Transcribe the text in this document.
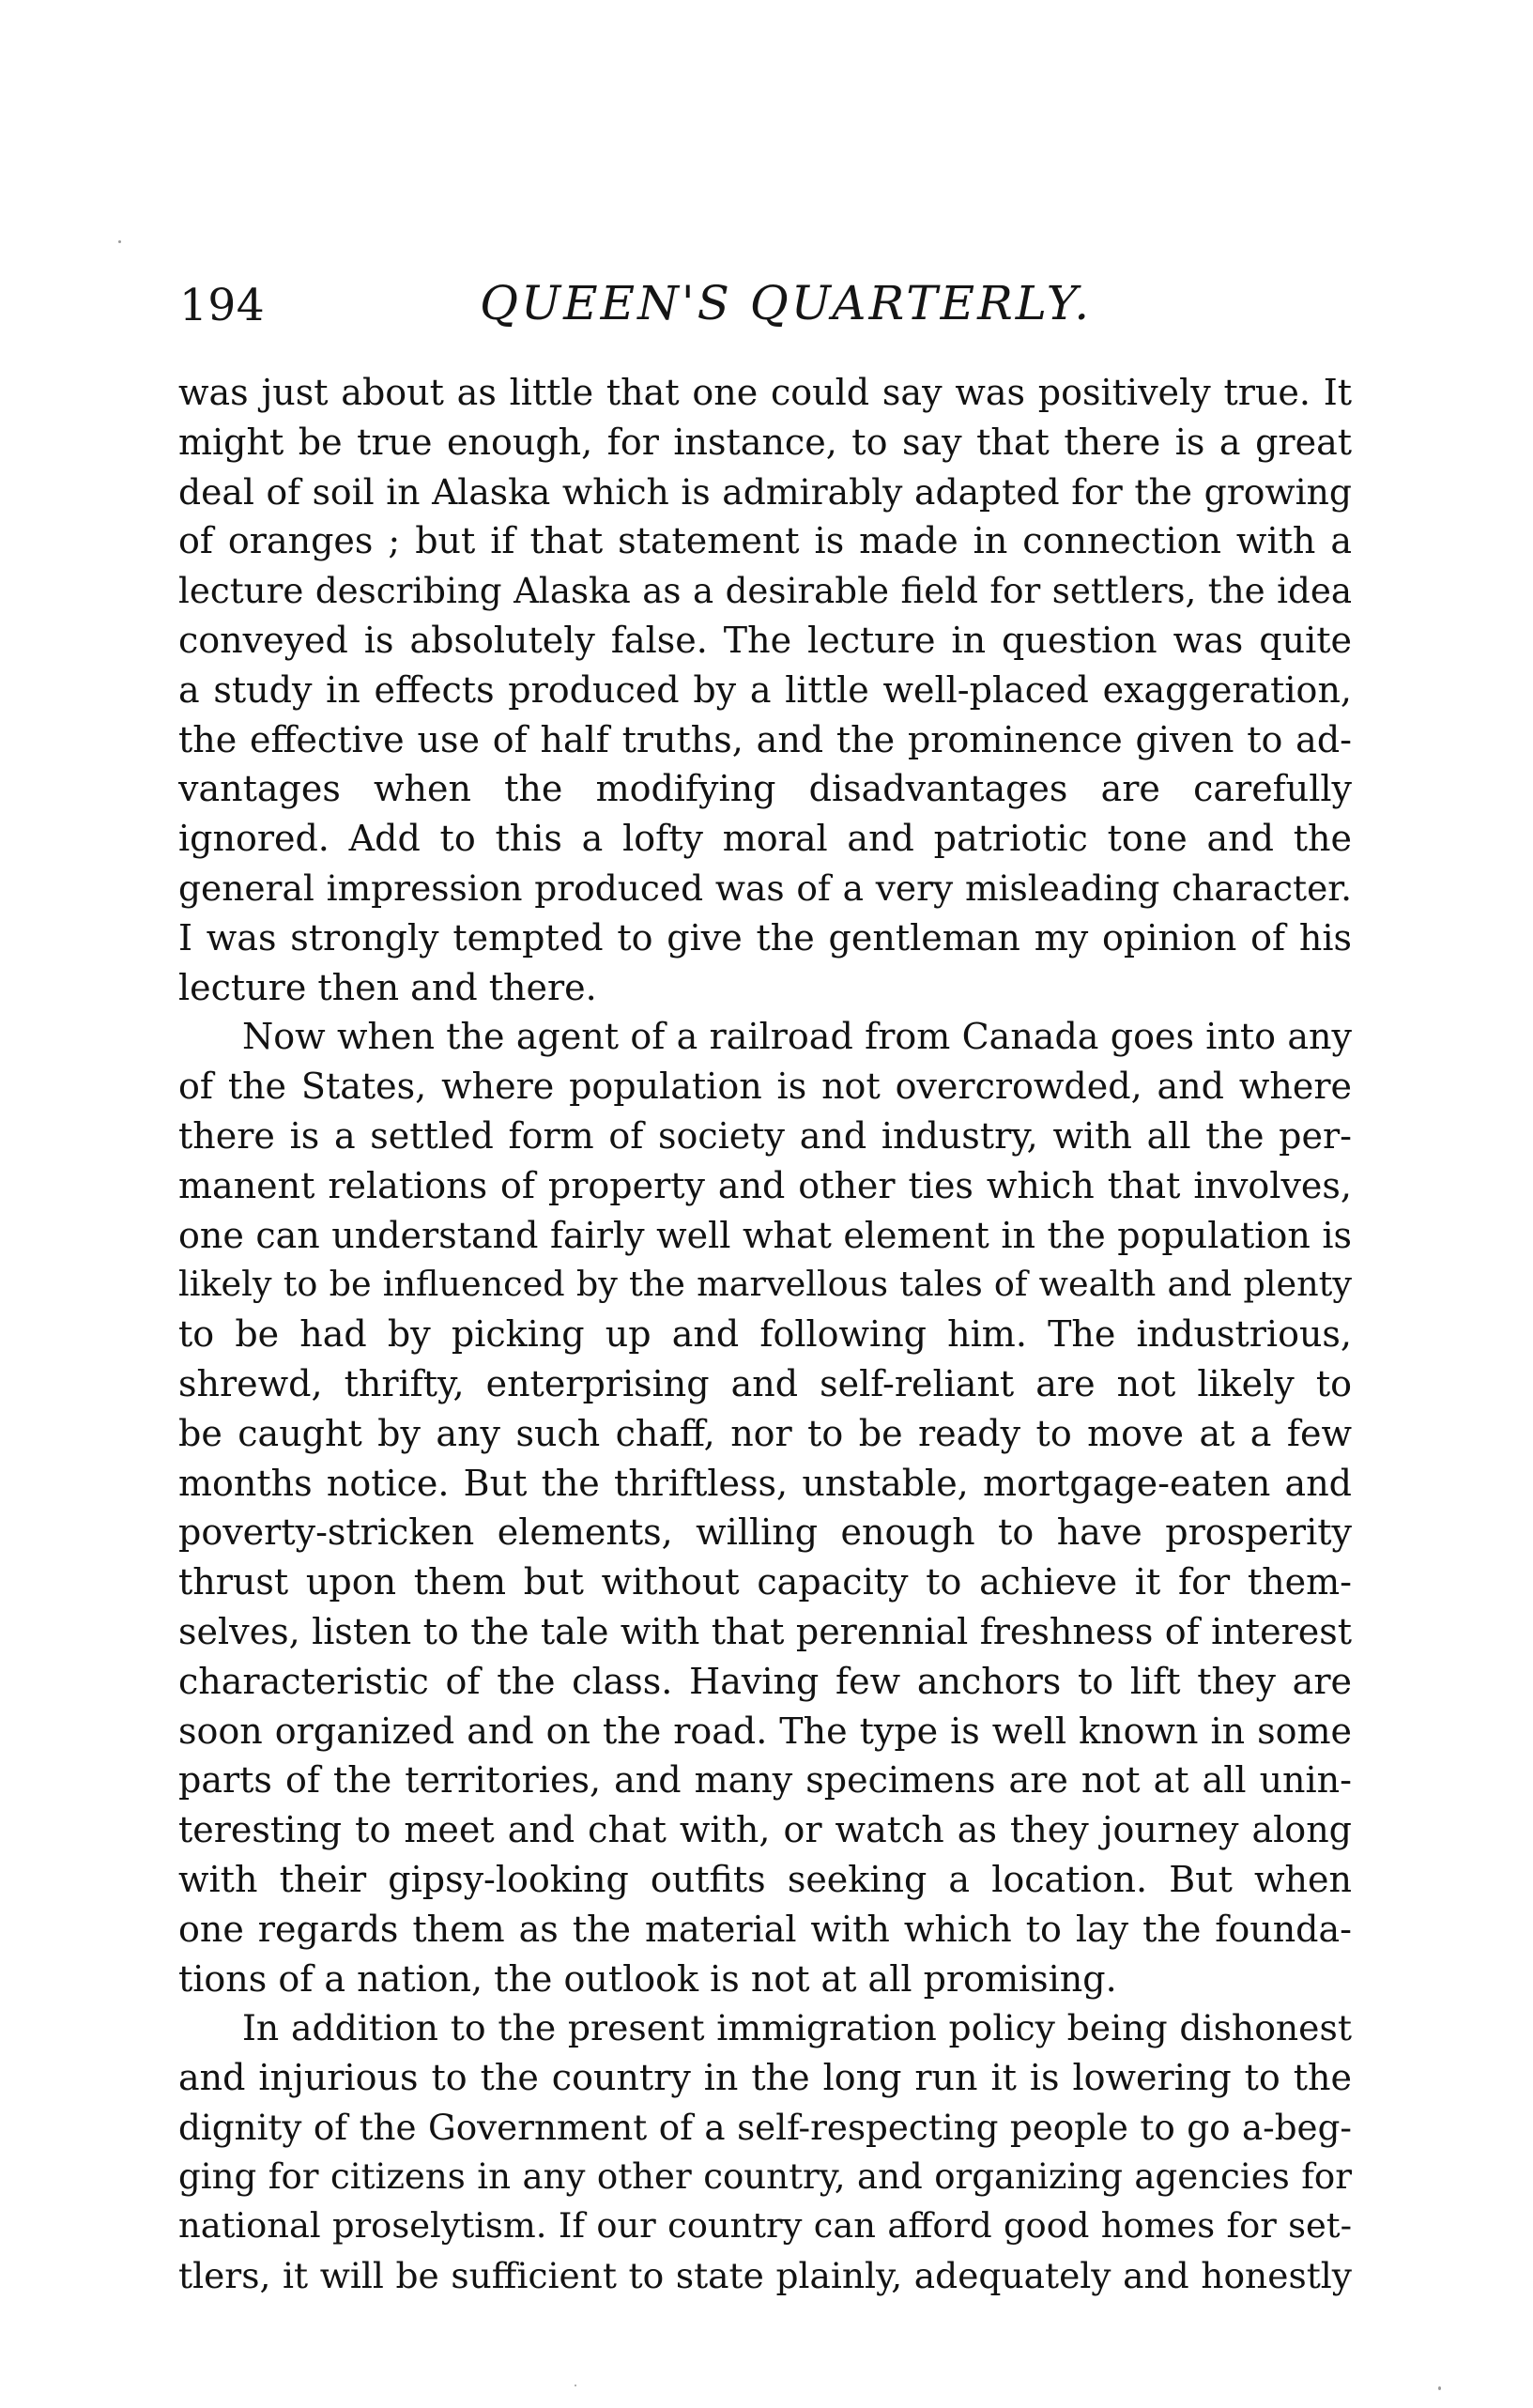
194	QUEEN'S QUARTERLY.
was just about as little that one could say was positively true. It
might be true enough, for instance, to say that there is a great
deal of soil in Alaska which is admirably adapted for the growing
of oranges ; but if that statement is made in connection with a
lecture describing Alaska as a desirable field for settlers, the idea
conveyed is absolutely false. The lecture in question was quite
a study in effects produced by a little well-placed exaggeration,
the effective use of half truths, and the prominence given to ad-
vantages when the modifying disadvantages are carefully
ignored. Add to this a lofty moral and patriotic tone and the
general impression produced was of a very misleading character.
I was strongly tempted to give the gentleman my opinion of his
lecture then and there.
Now when the agent of a railroad from Canada goes into any
of the States, where population is not overcrowded, and where
there is a settled form of society and industry, with all the per-
manent relations of property and other ties which that involves,
one can understand fairly well what element in the population is
likely to be influenced by the marvellous tales of wealth and plenty
to be had by picking up and following him. The industrious,
shrewd, thrifty, enterprising and self-reliant are not likely to
be caught by any such chaff, nor to be ready to move at a few
months notice. But the thriftless, unstable, mortgage-eaten and
poverty-stricken elements, willing enough to have prosperity
thrust upon them but without capacity to achieve it for them-
selves, listen to the tale with that perennial freshness of interest
characteristic of the class. Having few anchors to lift they are
soon organized and on the road. The type is well known in some
parts of the territories, and many specimens are not at all unin-
teresting to meet and chat with, or watch as they journey along
with their gipsy-looking outfits seeking a location. But when
one regards them as the material with which to lay the founda-
tions of a nation, the outlook is not at all promising.
In addition to the present immigration policy being dishonest
and injurious to the country in the long run it is lowering to the
dignity of the Government of a self-respecting people to go a-beg-
ging for citizens in any other country, and organizing agencies for
national proselytism. If our country can afford good homes for set-
tlers, it will be sufficient to state plainly, adequately and honestly
